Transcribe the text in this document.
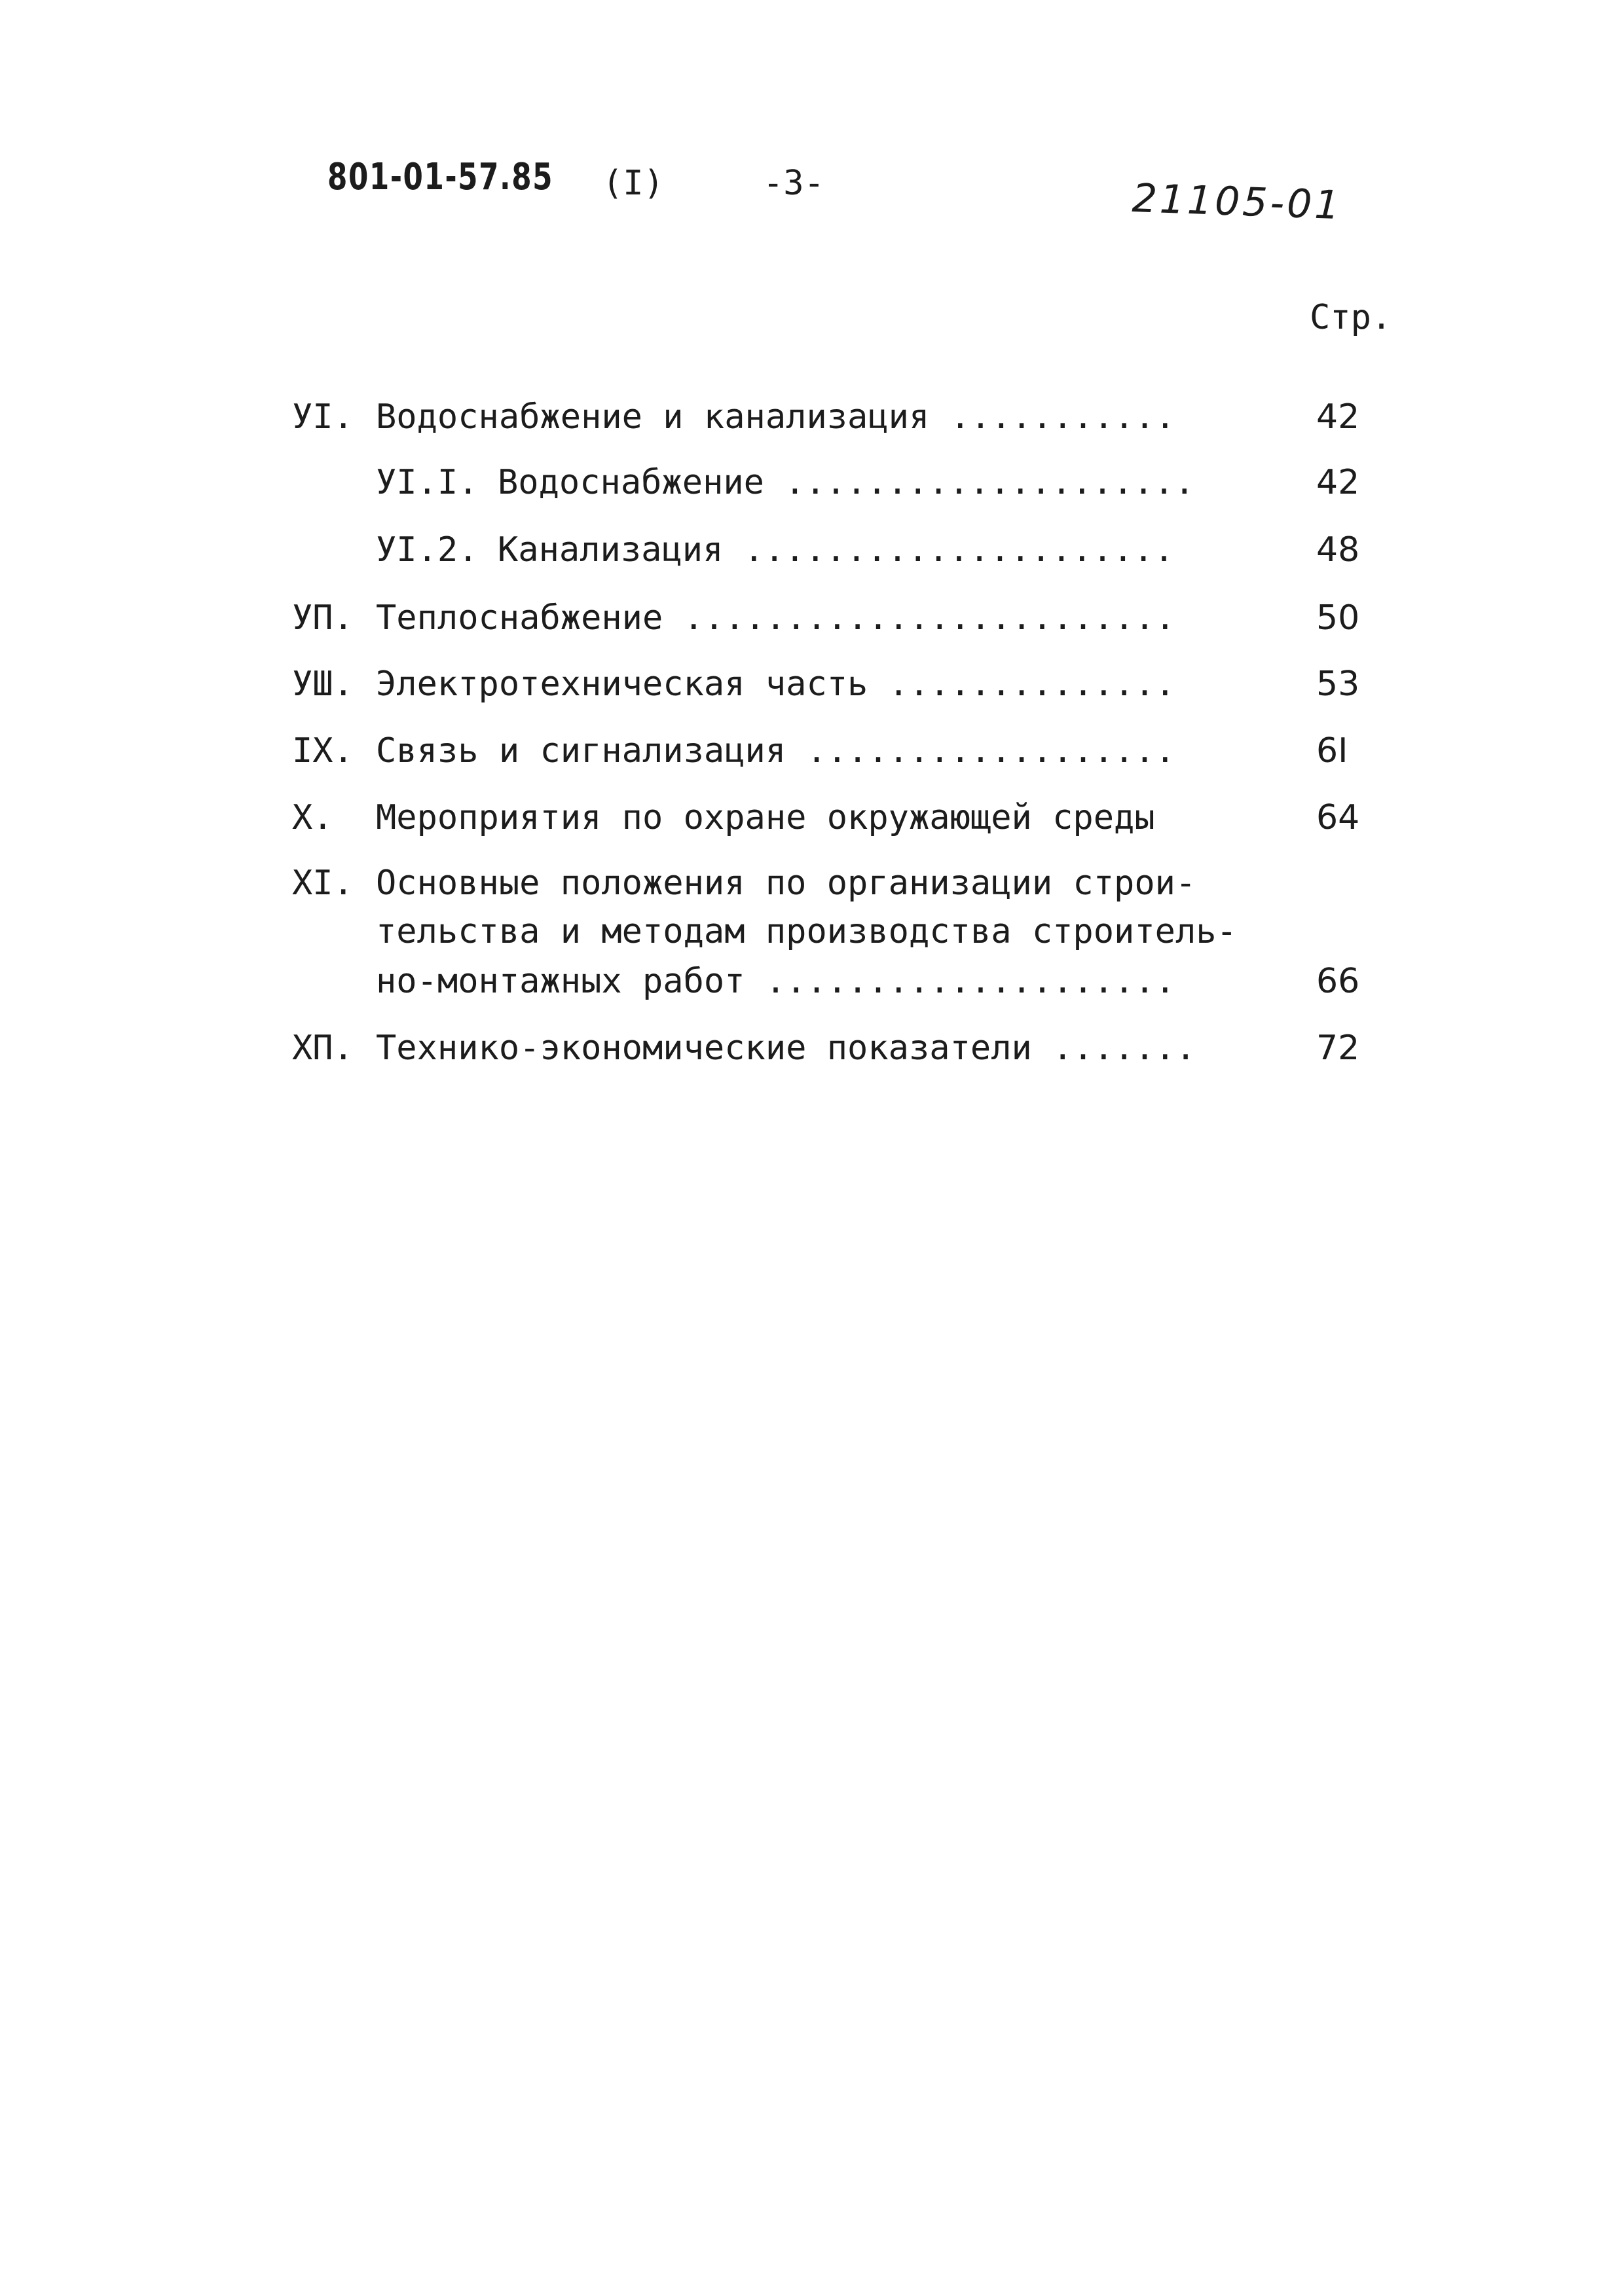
801-01-57.85 (I)	-3-	21105-01
Стр.
УI. Водоснабжение и канализация ...........	42
УI.I. Водоснабжение ....................	42
УI.2. Канализация .....................	48
УП. Теплоснабжение ........................	50
УШ. Электротехническая часть ..............	53
IX. Связь и сигнализация ..................	6I
X. Мероприятия по охране окружающей среды	64
XI. Основные положения по организации строи-
тельства и методам производства строитель-
но-монтажных работ ....................	66
XП. Технико-экономические показатели .......	72
